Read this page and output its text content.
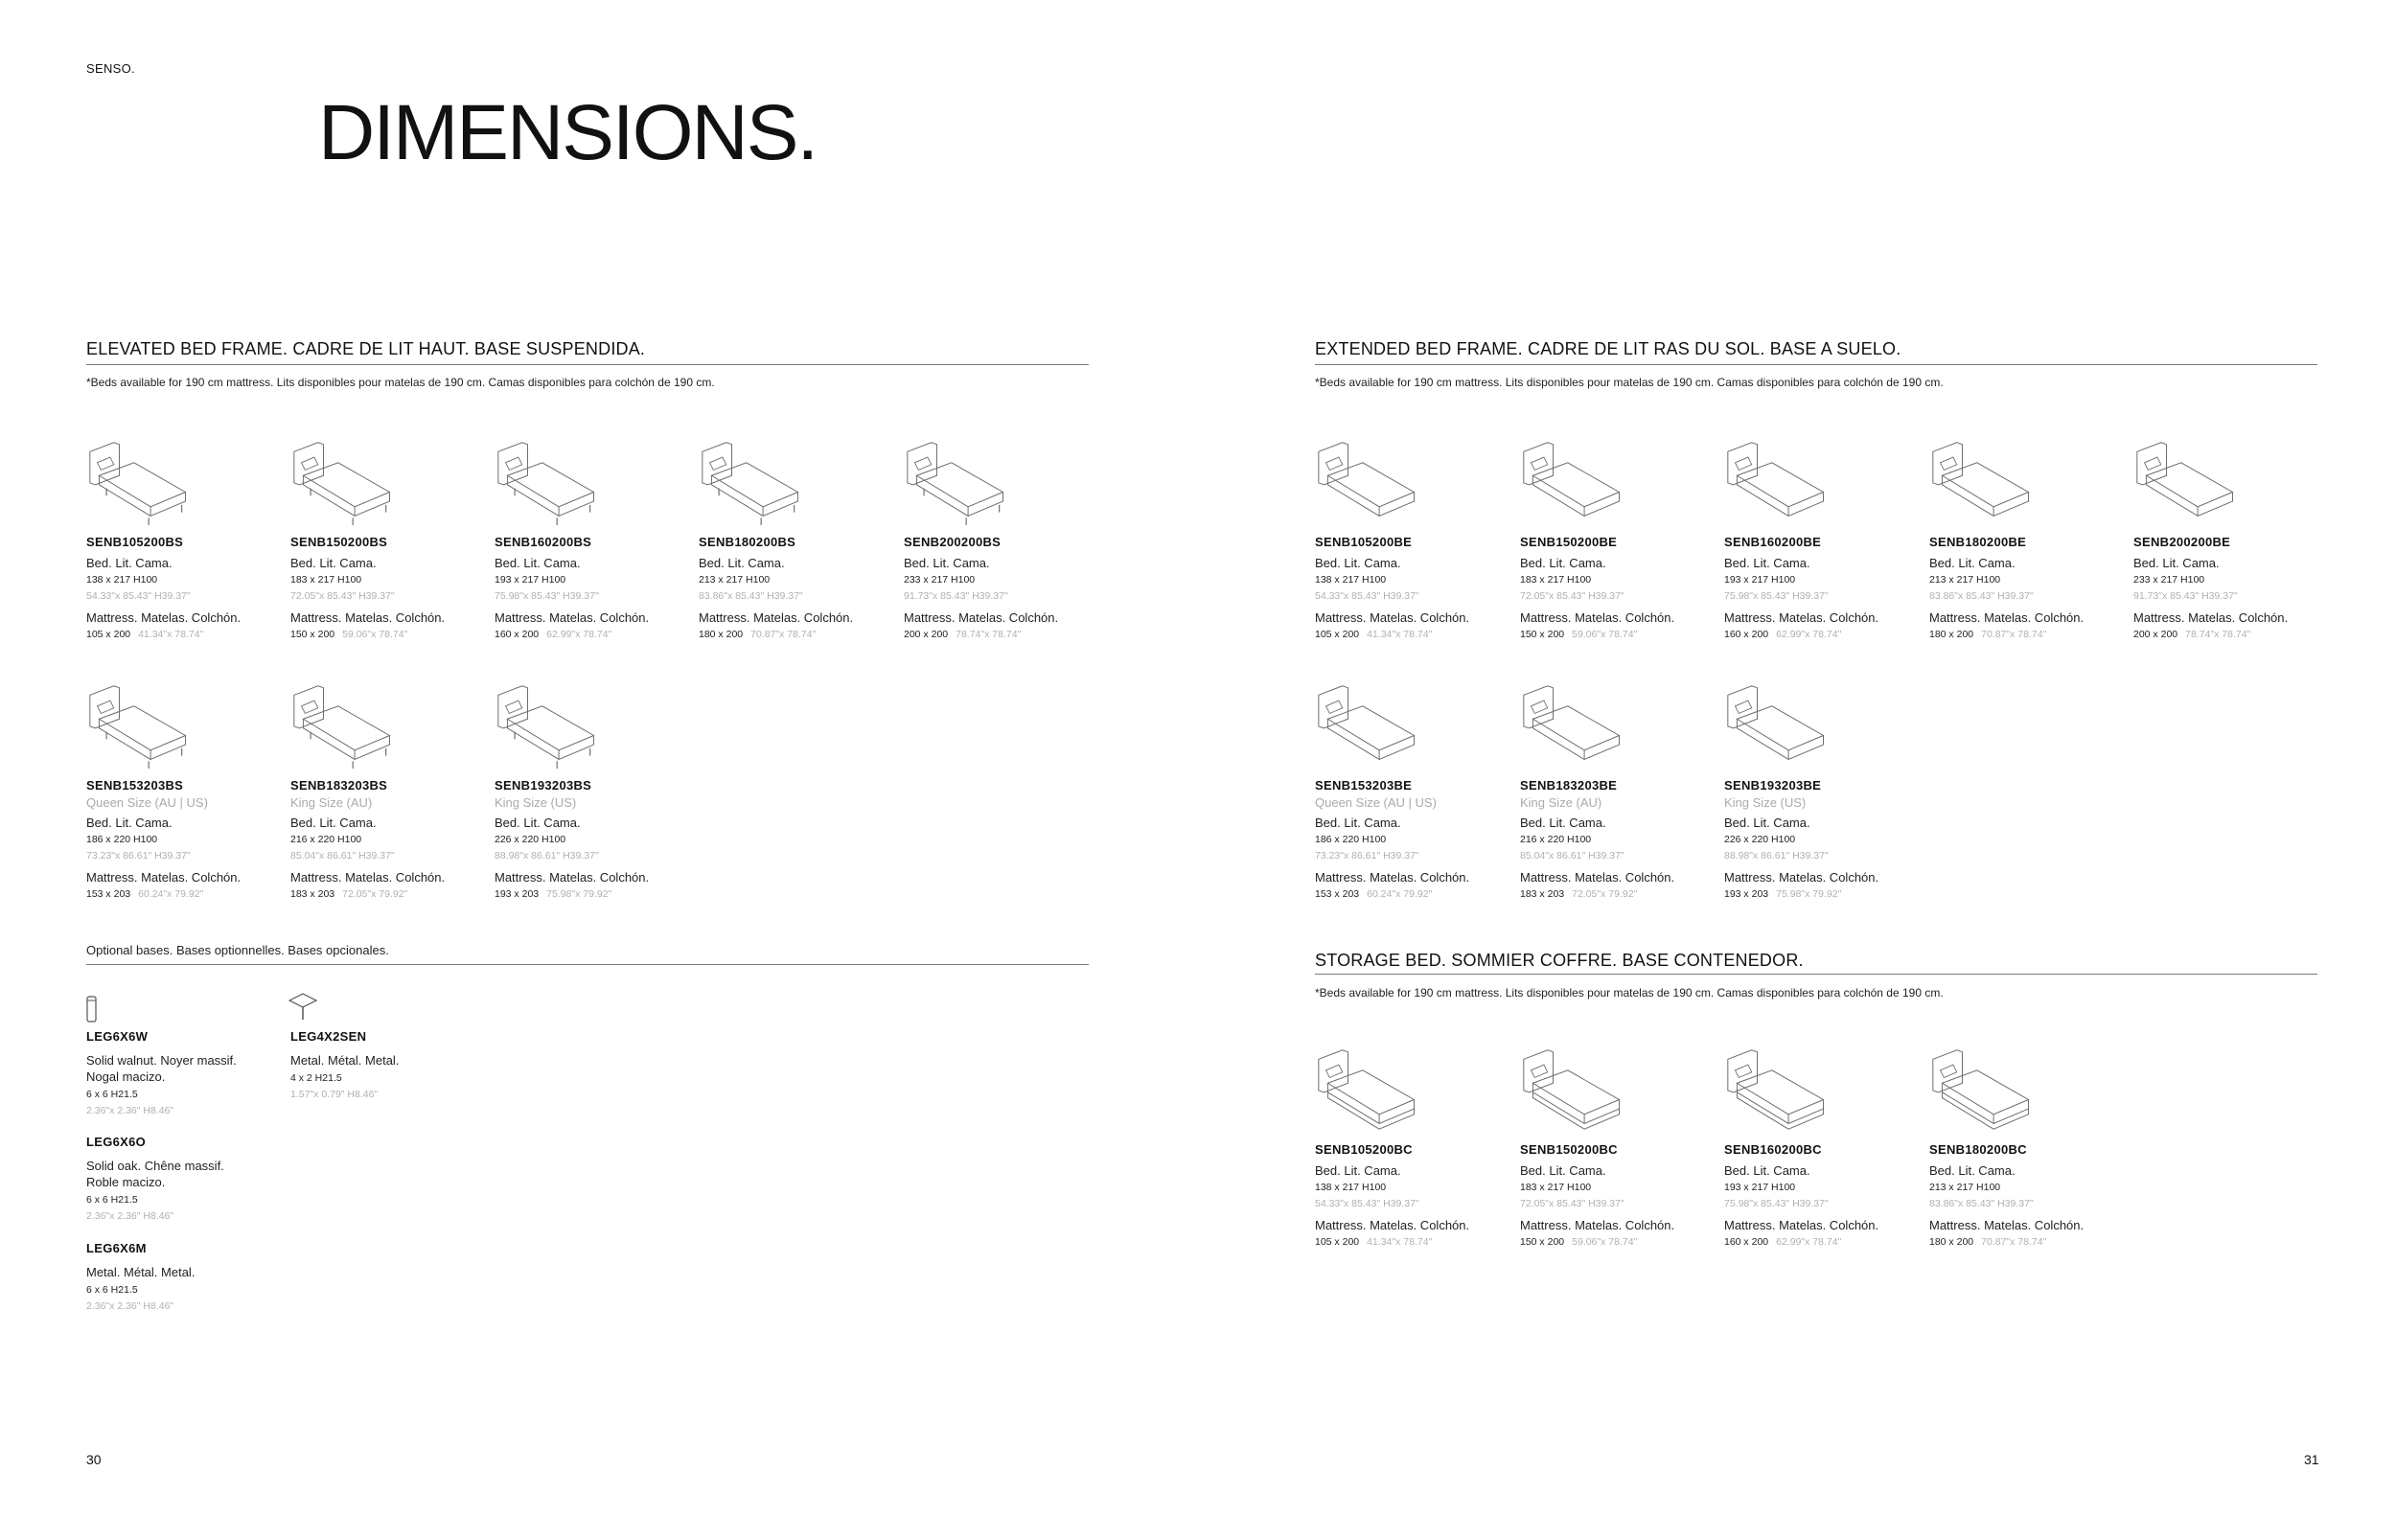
SENSO.
DIMENSIONS.
ELEVATED BED FRAME. CADRE DE LIT HAUT. BASE SUSPENDIDA.
*Beds available for 190 cm mattress. Lits disponibles pour matelas de 190 cm. Camas disponibles para colchón de 190 cm.
SENB105200BS
Bed. Lit. Cama.
138 x 217 H100
54.33"x 85.43" H39.37"
Mattress. Matelas. Colchón.
105 x 200 41.34"x 78.74"
SENB150200BS
Bed. Lit. Cama.
183 x 217 H100
72.05"x 85.43" H39.37"
Mattress. Matelas. Colchón.
150 x 200 59.06"x 78.74"
SENB160200BS
Bed. Lit. Cama.
193 x 217 H100
75.98"x 85.43" H39.37"
Mattress. Matelas. Colchón.
160 x 200 62.99"x 78.74"
SENB180200BS
Bed. Lit. Cama.
213 x 217 H100
83.86"x 85.43" H39.37"
Mattress. Matelas. Colchón.
180 x 200 70.87"x 78.74"
SENB200200BS
Bed. Lit. Cama.
233 x 217 H100
91.73"x 85.43" H39.37"
Mattress. Matelas. Colchón.
200 x 200 78.74"x 78.74"
SENB153203BS
Queen Size (AU | US)
Bed. Lit. Cama.
186 x 220 H100
73.23"x 86.61" H39.37"
Mattress. Matelas. Colchón.
153 x 203 60.24"x 79.92"
SENB183203BS
King Size (AU)
Bed. Lit. Cama.
216 x 220 H100
85.04"x 86.61" H39.37"
Mattress. Matelas. Colchón.
183 x 203 72.05"x 79.92"
SENB193203BS
King Size (US)
Bed. Lit. Cama.
226 x 220 H100
88.98"x 86.61" H39.37"
Mattress. Matelas. Colchón.
193 x 203 75.98"x 79.92"
Optional bases. Bases optionnelles. Bases opcionales.
LEG6X6W
Solid walnut. Noyer massif. Nogal macizo.
6 x 6 H21.5
2.36"x 2.36" H8.46"
LEG4X2SEN
Metal. Métal. Metal.
4 x 2 H21.5
1.57"x 0.79" H8.46"
LEG6X6O
Solid oak. Chêne massif. Roble macizo.
6 x 6 H21.5
2.36"x 2.36" H8.46"
LEG6X6M
Metal. Métal. Metal.
6 x 6 H21.5
2.36"x 2.36" H8.46"
EXTENDED BED FRAME. CADRE DE LIT RAS DU SOL. BASE A SUELO.
*Beds available for 190 cm mattress. Lits disponibles pour matelas de 190 cm. Camas disponibles para colchón de 190 cm.
SENB105200BE
Bed. Lit. Cama.
138 x 217 H100
54.33"x 85.43" H39.37"
Mattress. Matelas. Colchón.
105 x 200 41.34"x 78.74"
SENB150200BE
Bed. Lit. Cama.
183 x 217 H100
72.05"x 85.43" H39.37"
Mattress. Matelas. Colchón.
150 x 200 59.06"x 78.74"
SENB160200BE
Bed. Lit. Cama.
193 x 217 H100
75.98"x 85.43" H39.37"
Mattress. Matelas. Colchón.
160 x 200 62.99"x 78.74"
SENB180200BE
Bed. Lit. Cama.
213 x 217 H100
83.86"x 85.43" H39.37"
Mattress. Matelas. Colchón.
180 x 200 70.87"x 78.74"
SENB200200BE
Bed. Lit. Cama.
233 x 217 H100
91.73"x 85.43" H39.37"
Mattress. Matelas. Colchón.
200 x 200 78.74"x 78.74"
SENB153203BE
Queen Size (AU | US)
Bed. Lit. Cama.
186 x 220 H100
73.23"x 86.61" H39.37"
Mattress. Matelas. Colchón.
153 x 203 60.24"x 79.92"
SENB183203BE
King Size (AU)
Bed. Lit. Cama.
216 x 220 H100
85.04"x 86.61" H39.37"
Mattress. Matelas. Colchón.
183 x 203 72.05"x 79.92"
SENB193203BE
King Size (US)
Bed. Lit. Cama.
226 x 220 H100
88.98"x 86.61" H39.37"
Mattress. Matelas. Colchón.
193 x 203 75.98"x 79.92"
STORAGE BED. SOMMIER COFFRE. BASE CONTENEDOR.
*Beds available for 190 cm mattress. Lits disponibles pour matelas de 190 cm. Camas disponibles para colchón de 190 cm.
SENB105200BC
Bed. Lit. Cama.
138 x 217 H100
54.33"x 85.43" H39.37"
Mattress. Matelas. Colchón.
105 x 200 41.34"x 78.74"
SENB150200BC
Bed. Lit. Cama.
183 x 217 H100
72.05"x 85.43" H39.37"
Mattress. Matelas. Colchón.
150 x 200 59.06"x 78.74"
SENB160200BC
Bed. Lit. Cama.
193 x 217 H100
75.98"x 85.43" H39.37"
Mattress. Matelas. Colchón.
160 x 200 62.99"x 78.74"
SENB180200BC
Bed. Lit. Cama.
213 x 217 H100
83.86"x 85.43" H39.37"
Mattress. Matelas. Colchón.
180 x 200 70.87"x 78.74"
30	31
